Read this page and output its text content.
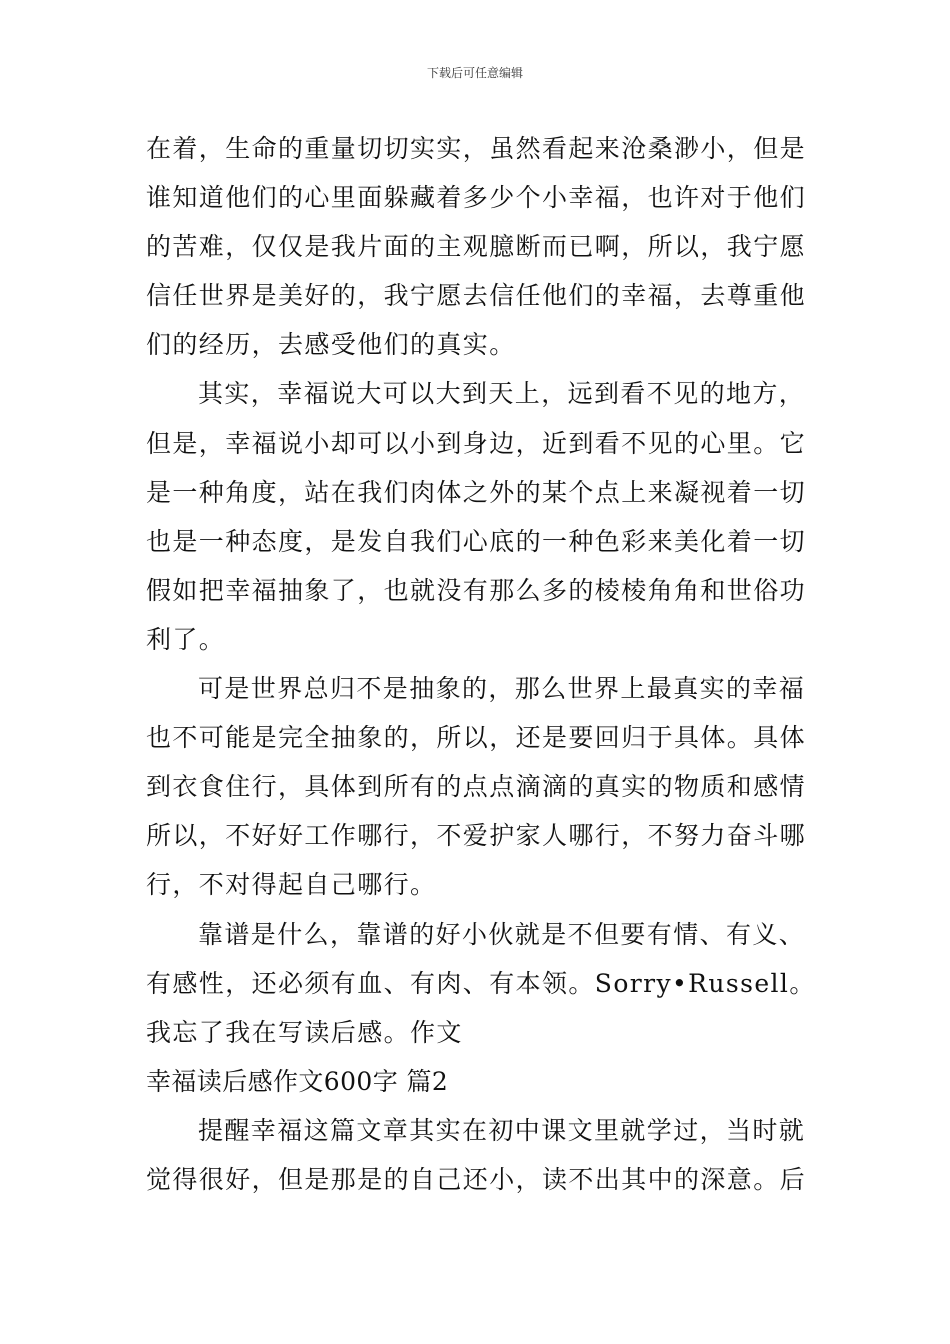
下载后可任意编辑
在着，生命的重量切切实实，虽然看起来沧桑渺小，但是
谁知道他们的心里面躲藏着多少个小幸福，也许对于他们
的苦难，仅仅是我片面的主观臆断而已啊，所以，我宁愿
信任世界是美好的，我宁愿去信任他们的幸福，去尊重他
们的经历，去感受他们的真实。
其实，幸福说大可以大到天上，远到看不见的地方，
但是，幸福说小却可以小到身边，近到看不见的心里。它
是一种角度，站在我们肉体之外的某个点上来凝视着一切
也是一种态度，是发自我们心底的一种色彩来美化着一切
假如把幸福抽象了，也就没有那么多的棱棱角角和世俗功
利了。
可是世界总归不是抽象的，那么世界上最真实的幸福
也不可能是完全抽象的，所以，还是要回归于具体。具体
到衣食住行，具体到所有的点点滴滴的真实的物质和感情
所以，不好好工作哪行，不爱护家人哪行，不努力奋斗哪
行，不对得起自己哪行。
靠谱是什么，靠谱的好小伙就是不但要有情、有义、
有感性，还必须有血、有肉、有本领。Sorry•Russell。
我忘了我在写读后感。作文
幸福读后感作文600字 篇2
提醒幸福这篇文章其实在初中课文里就学过，当时就
觉得很好，但是那是的自己还小，读不出其中的深意。后
